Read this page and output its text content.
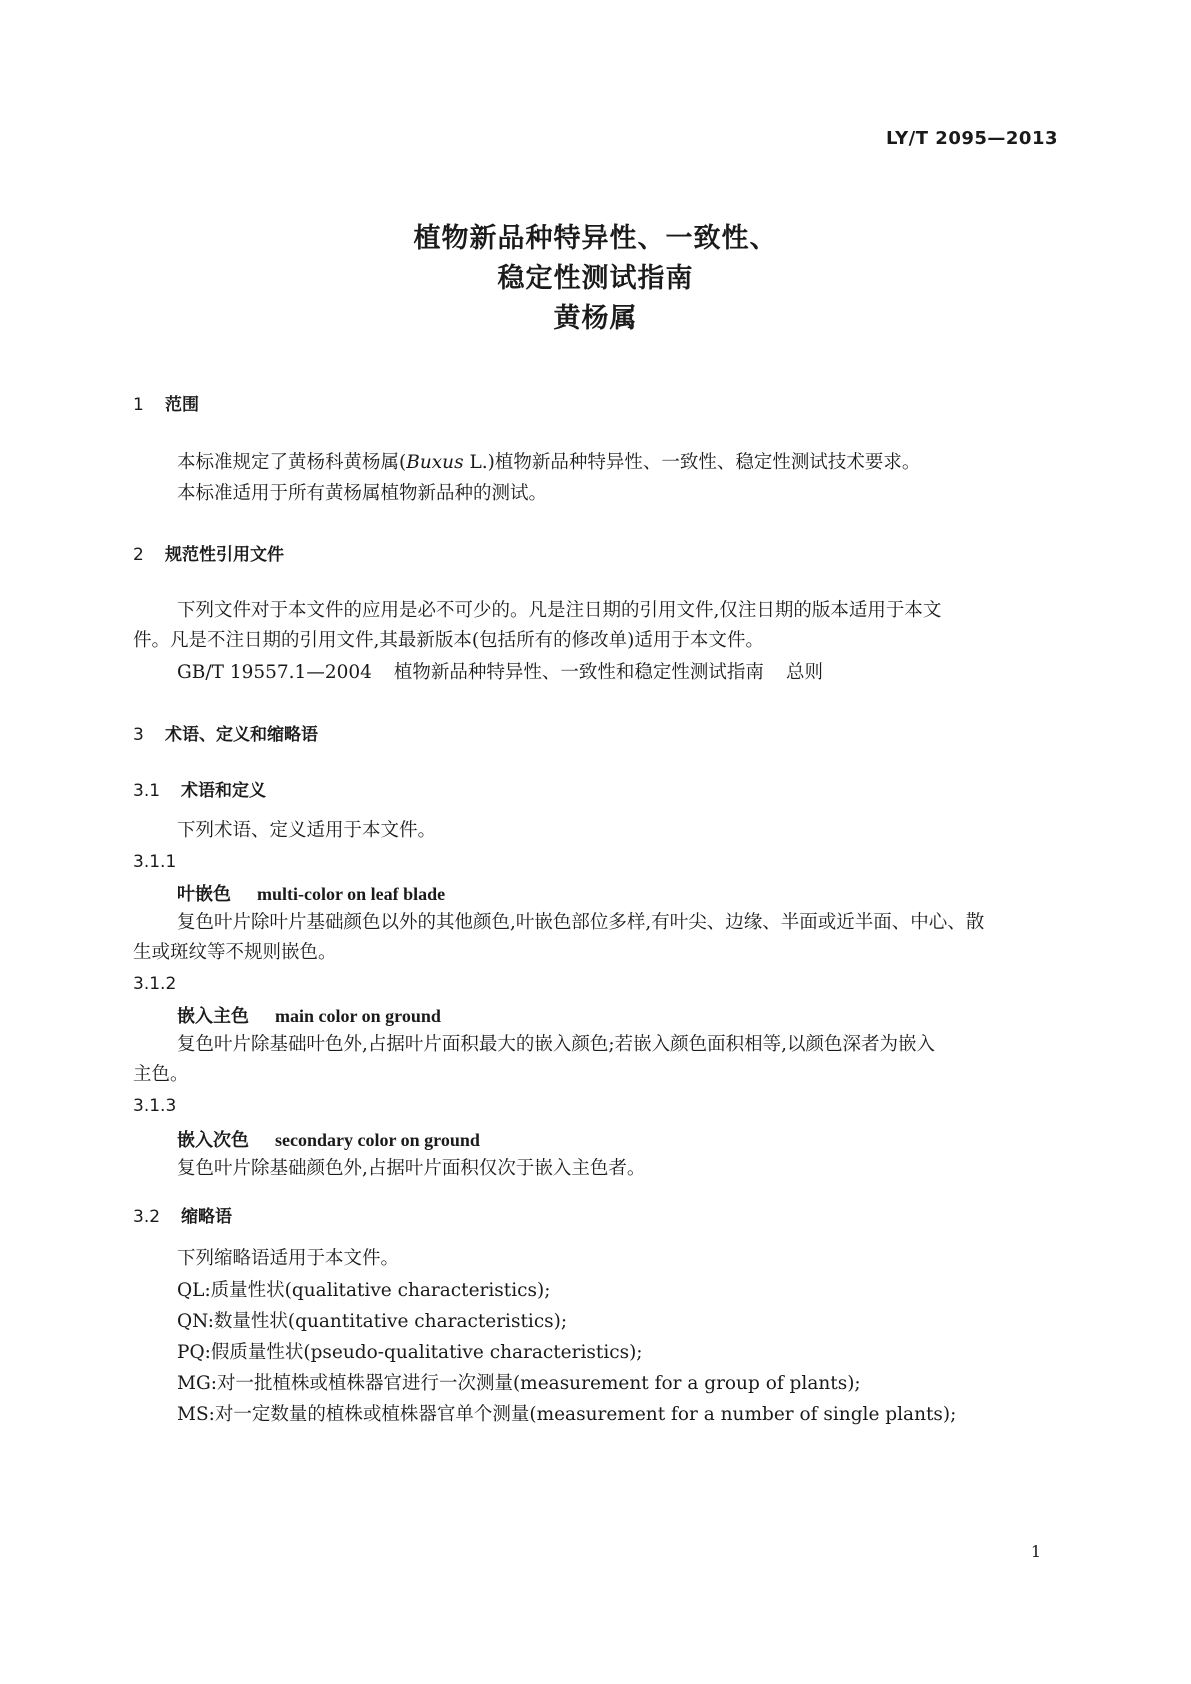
LY/T 2095—2013
植物新品种特异性、一致性、
稳定性测试指南
黄杨属
1 范围
本标准规定了黄杨科黄杨属(Buxus L.)植物新品种特异性、一致性、稳定性测试技术要求。
本标准适用于所有黄杨属植物新品种的测试。
2 规范性引用文件
下列文件对于本文件的应用是必不可少的。凡是注日期的引用文件,仅注日期的版本适用于本文
件。凡是不注日期的引用文件,其最新版本(包括所有的修改单)适用于本文件。
GB/T 19557.1—2004 植物新品种特异性、一致性和稳定性测试指南 总则
3 术语、定义和缩略语
3.1 术语和定义
下列术语、定义适用于本文件。
3.1.1
叶嵌色 multi-color on leaf blade
复色叶片除叶片基础颜色以外的其他颜色,叶嵌色部位多样,有叶尖、边缘、半面或近半面、中心、散
生或斑纹等不规则嵌色。
3.1.2
嵌入主色 main color on ground
复色叶片除基础叶色外,占据叶片面积最大的嵌入颜色;若嵌入颜色面积相等,以颜色深者为嵌入
主色。
3.1.3
嵌入次色 secondary color on ground
复色叶片除基础颜色外,占据叶片面积仅次于嵌入主色者。
3.2 缩略语
下列缩略语适用于本文件。
QL:质量性状(qualitative characteristics);
QN:数量性状(quantitative characteristics);
PQ:假质量性状(pseudo-qualitative characteristics);
MG:对一批植株或植株器官进行一次测量(measurement for a group of plants);
MS:对一定数量的植株或植株器官单个测量(measurement for a number of single plants);
1
